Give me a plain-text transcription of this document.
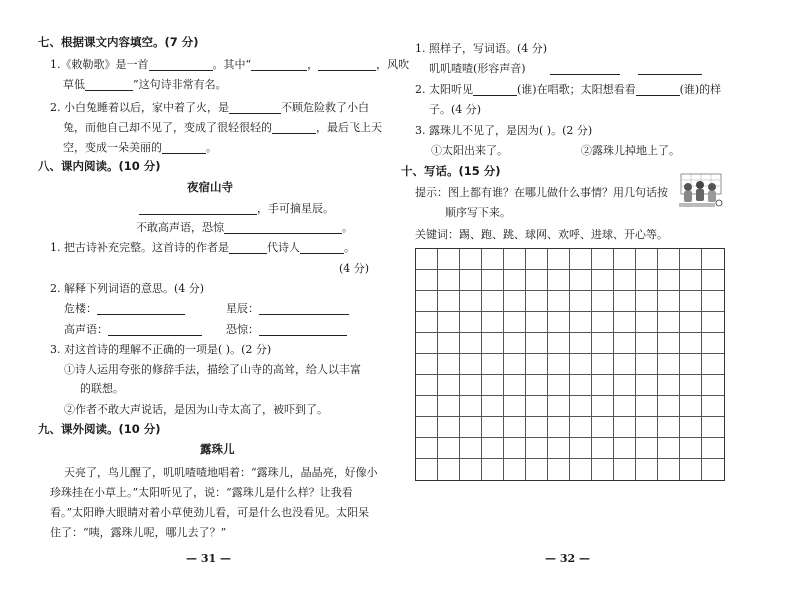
七、根据课文内容填空。(7 分)
1.《敕勒歌》是一首	。其中“	，	，风吹
草低	”这句诗非常有名。
2. 小白兔睡着以后，家中着了火，是	不顾危险救了小白
兔，而他自己却不见了，变成了很轻很轻的	，最后飞上天
空，变成一朵美丽的	。
八、课内阅读。(10 分)
夜宿山寺
，手可摘星辰。
不敢高声语，恐惊	。
1. 把古诗补充完整。这首诗的作者是	代诗人	。
(4 分)
2. 解释下列词语的意思。(4 分)
危楼：	星辰：
高声语：	恐惊：
3. 对这首诗的理解不正确的一项是( )。(2 分)
①诗人运用夸张的修辞手法，描绘了山寺的高耸，给人以丰富
的联想。
②作者不敢大声说话，是因为山寺太高了，被吓到了。
九、课外阅读。(10 分)
露珠儿
天亮了，鸟儿醒了，叽叽喳喳地唱着：“露珠儿，晶晶亮，好像小
珍珠挂在小草上。”太阳听见了，说：“露珠儿是什么样？让我看
看。”太阳睁大眼睛对着小草使劲儿看，可是什么也没看见。太阳呆
住了：“咦，露珠儿呢，哪儿去了？”
— 31 —
1. 照样子，写词语。(4 分)
叽叽喳喳(形容声音)
2. 太阳听见	(谁)在唱歌；太阳想看看	(谁)的样
子。(4 分)
3. 露珠儿不见了，是因为( )。(2 分)
①太阳出来了。	②露珠儿掉地上了。
十、写话。(15 分)
提示：图上都有谁？在哪儿做什么事情？用几句话按
顺序写下来。
关键词：踢、跑、跳、球网、欢呼、进球、开心等。
— 32 —
